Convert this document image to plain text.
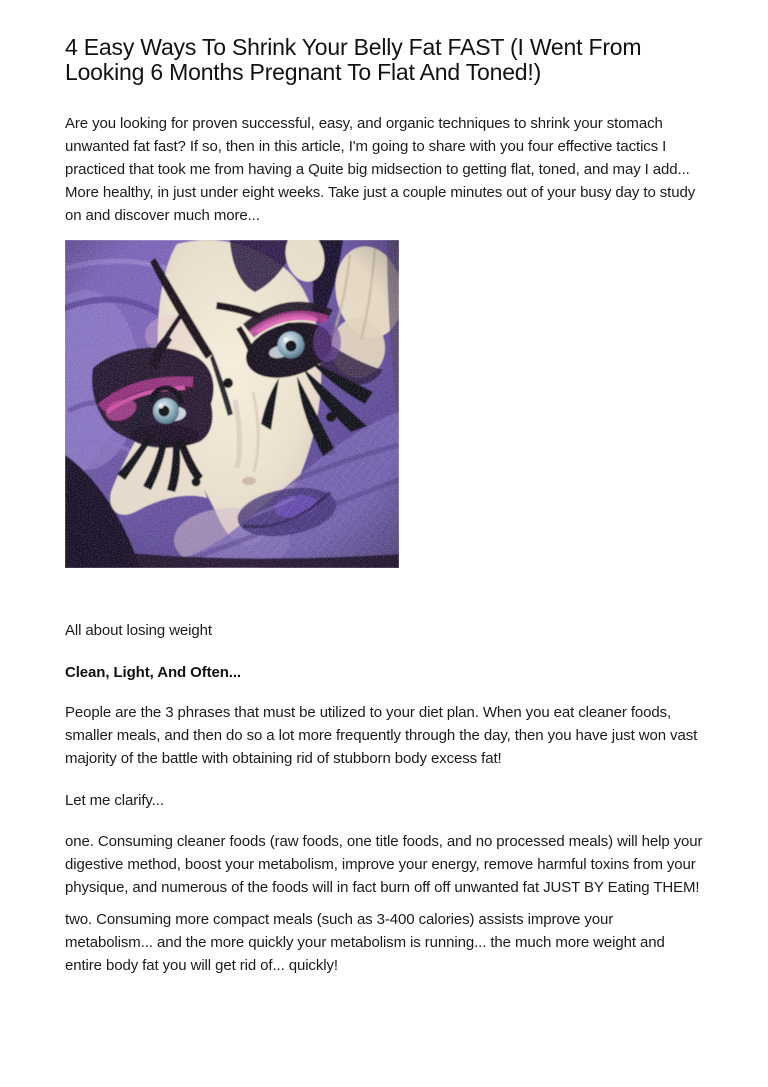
4 Easy Ways To Shrink Your Belly Fat FAST (I Went From Looking 6 Months Pregnant To Flat And Toned!)

Are you looking for proven successful, easy, and organic techniques to shrink your stomach unwanted fat fast? If so, then in this article, I'm going to share with you four effective tactics I practiced that took me from having a Quite big midsection to getting flat, toned, and may I add... More healthy, in just under eight weeks. Take just a couple minutes out of your busy day to study on and discover much more...

All about losing weight

Clean, Light, And Often...

People are the 3 phrases that must be utilized to your diet plan. When you eat cleaner foods, smaller meals, and then do so a lot more frequently through the day, then you have just won vast majority of the battle with obtaining rid of stubborn body excess fat!

Let me clarify...

one. Consuming cleaner foods (raw foods, one title foods, and no processed meals) will help your digestive method, boost your metabolism, improve your energy, remove harmful toxins from your physique, and numerous of the foods will in fact burn off off unwanted fat JUST BY Eating THEM!

two. Consuming more compact meals (such as 3-400 calories) assists improve your metabolism... and the more quickly your metabolism is running... the much more weight and entire body fat you will get rid of... quickly!
